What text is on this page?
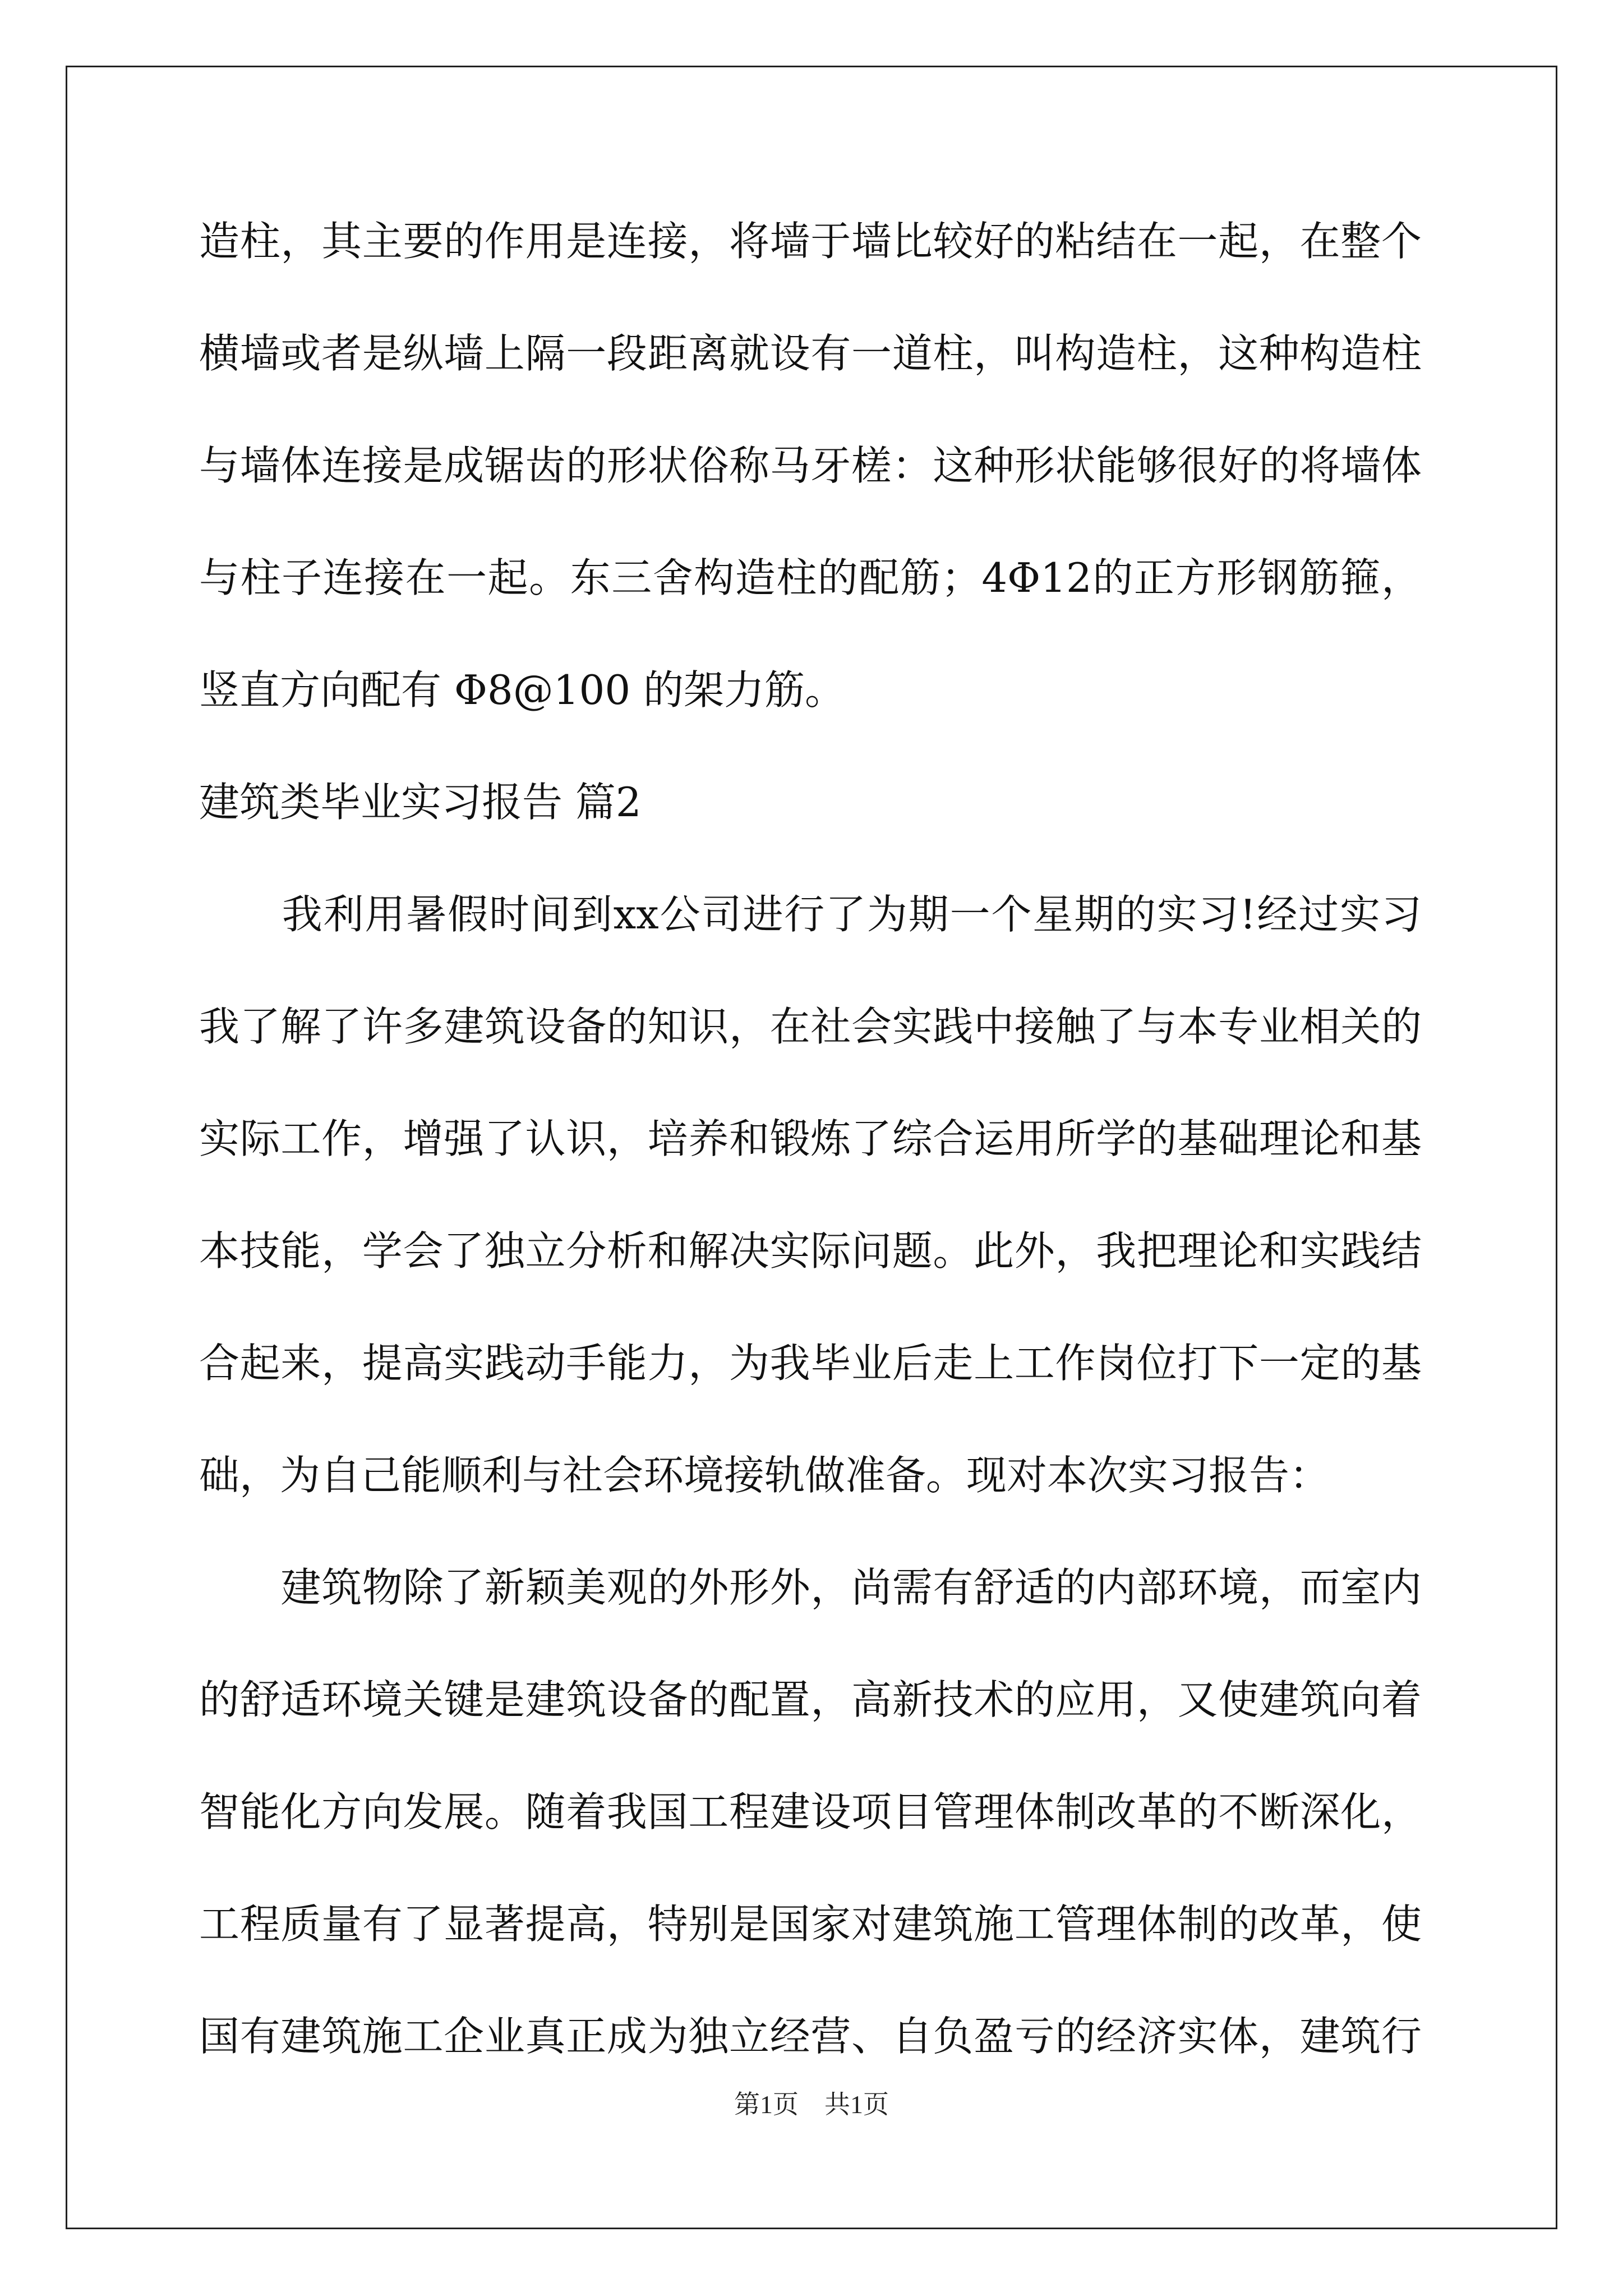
造柱，其主要的作用是连接，将墙于墙比较好的粘结在一起，在整个
横墙或者是纵墙上隔一段距离就设有一道柱，叫构造柱，这种构造柱
与墙体连接是成锯齿的形状俗称马牙槎：这种形状能够很好的将墙体
与柱子连接在一起。东三舍构造柱的配筋；4Φ12的正方形钢筋箍，
竖直方向配有 Φ8@100 的架力筋。
建筑类毕业实习报告 篇2
　　我利用暑假时间到xx公司进行了为期一个星期的实习!经过实习
我了解了许多建筑设备的知识，在社会实践中接触了与本专业相关的
实际工作，增强了认识，培养和锻炼了综合运用所学的基础理论和基
本技能，学会了独立分析和解决实际问题。此外，我把理论和实践结
合起来，提高实践动手能力，为我毕业后走上工作岗位打下一定的基
础，为自己能顺利与社会环境接轨做准备。现对本次实习报告：
　　建筑物除了新颖美观的外形外，尚需有舒适的内部环境，而室内
的舒适环境关键是建筑设备的配置，高新技术的应用，又使建筑向着
智能化方向发展。随着我国工程建设项目管理体制改革的不断深化，
工程质量有了显著提高，特别是国家对建筑施工管理体制的改革，使
国有建筑施工企业真正成为独立经营、自负盈亏的经济实体，建筑行
第1页　共1页
